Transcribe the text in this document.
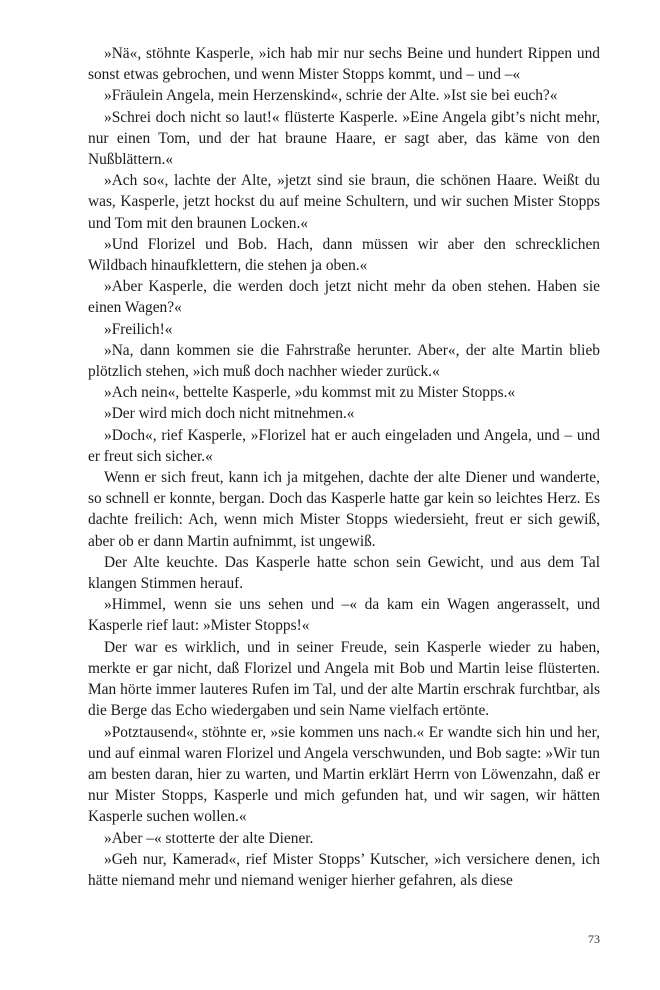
»Nä«, stöhnte Kasperle, »ich hab mir nur sechs Beine und hundert Rippen und sonst etwas gebrochen, und wenn Mister Stopps kommt, und – und –«

»Fräulein Angela, mein Herzenskind«, schrie der Alte. »Ist sie bei euch?«

»Schrei doch nicht so laut!« flüsterte Kasperle. »Eine Angela gibt’s nicht mehr, nur einen Tom, und der hat braune Haare, er sagt aber, das käme von den Nußblättern.«

»Ach so«, lachte der Alte, »jetzt sind sie braun, die schönen Haare. Weißt du was, Kasperle, jetzt hockst du auf meine Schultern, und wir suchen Mister Stopps und Tom mit den braunen Locken.«

»Und Florizel und Bob. Hach, dann müssen wir aber den schrecklichen Wildbach hinaufklettern, die stehen ja oben.«

»Aber Kasperle, die werden doch jetzt nicht mehr da oben stehen. Haben sie einen Wagen?«

»Freilich!«

»Na, dann kommen sie die Fahrstraße herunter. Aber«, der alte Martin blieb plötzlich stehen, »ich muß doch nachher wieder zurück.«

»Ach nein«, bettelte Kasperle, »du kommst mit zu Mister Stopps.«

»Der wird mich doch nicht mitnehmen.«

»Doch«, rief Kasperle, »Florizel hat er auch eingeladen und Angela, und – und er freut sich sicher.«

Wenn er sich freut, kann ich ja mitgehen, dachte der alte Diener und wanderte, so schnell er konnte, bergan. Doch das Kasperle hatte gar kein so leichtes Herz. Es dachte freilich: Ach, wenn mich Mister Stopps wiedersieht, freut er sich gewiß, aber ob er dann Martin aufnimmt, ist ungewiß.

Der Alte keuchte. Das Kasperle hatte schon sein Gewicht, und aus dem Tal klangen Stimmen herauf.

»Himmel, wenn sie uns sehen und –« da kam ein Wagen angerasselt, und Kasperle rief laut: »Mister Stopps!«

Der war es wirklich, und in seiner Freude, sein Kasperle wieder zu haben, merkte er gar nicht, daß Florizel und Angela mit Bob und Martin leise flüsterten. Man hörte immer lauteres Rufen im Tal, und der alte Martin erschrak furchtbar, als die Berge das Echo wiedergaben und sein Name vielfach ertönte.

»Potztausend«, stöhnte er, »sie kommen uns nach.« Er wandte sich hin und her, und auf einmal waren Florizel und Angela verschwunden, und Bob sagte: »Wir tun am besten daran, hier zu warten, und Martin erklärt Herrn von Löwenzahn, daß er nur Mister Stopps, Kasperle und mich gefunden hat, und wir sagen, wir hätten Kasperle suchen wollen.«

»Aber –« stotterte der alte Diener.

»Geh nur, Kamerad«, rief Mister Stopps’ Kutscher, »ich versichere denen, ich hätte niemand mehr und niemand weniger hierher gefahren, als diese

73
